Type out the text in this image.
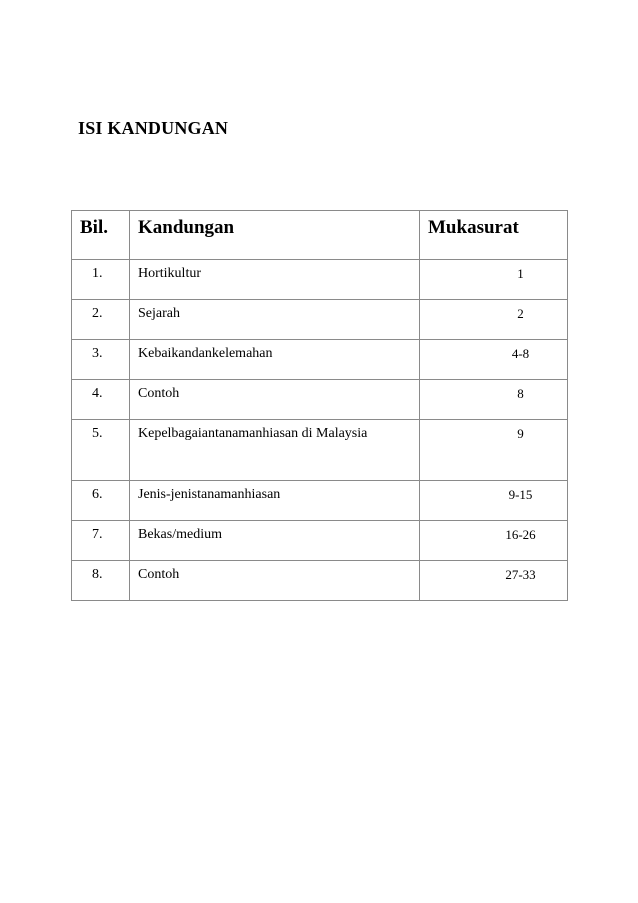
ISI KANDUNGAN
Bil.	Kandungan	Mukasurat

1.	Hortikultur	1

2.	Sejarah	2

3.	Kebaikandankelemahan	4-8

4.	Contoh	8

5.	Kepelbagaiantanamanhiasan di Malaysia	9

6.	Jenis-jenistanamanhiasan	9-15

7.	Bekas/medium	16-26

8.	Contoh	27-33
